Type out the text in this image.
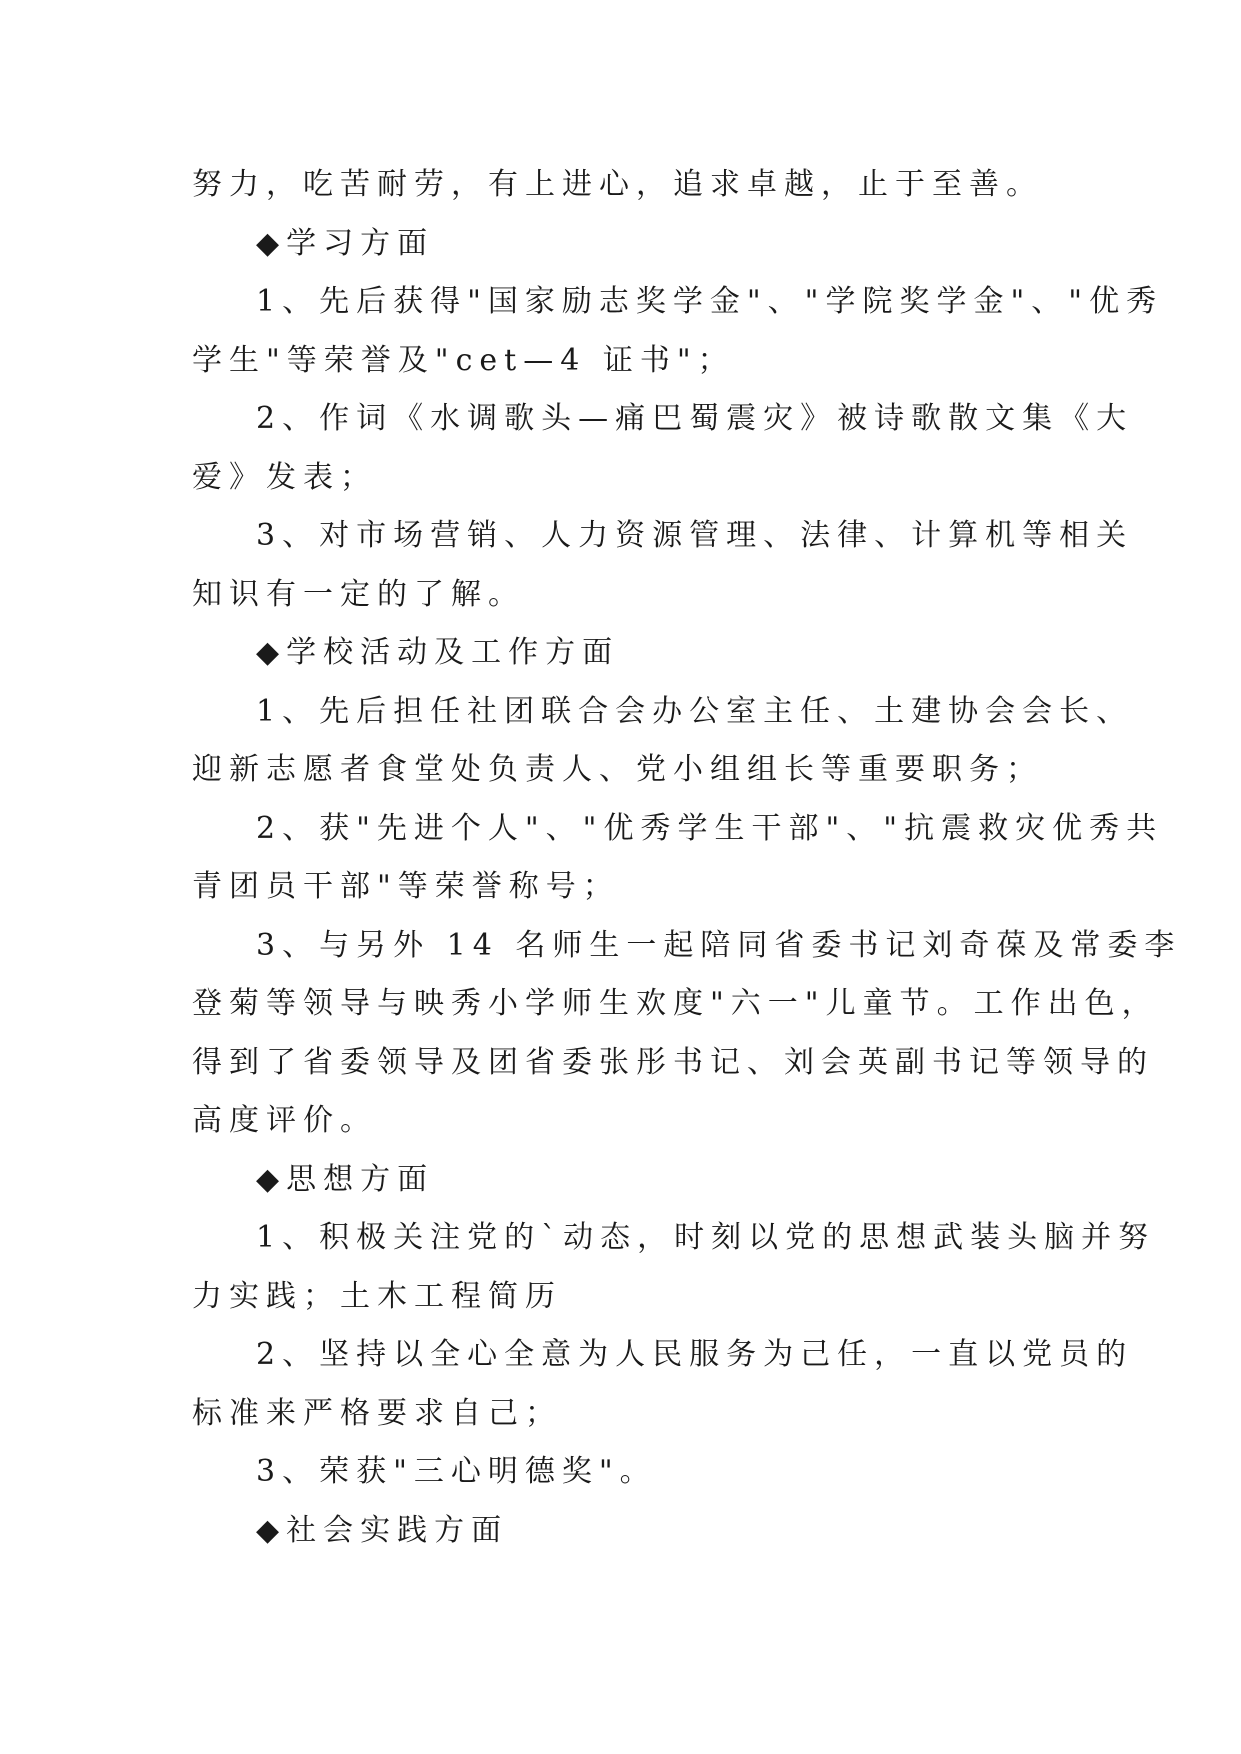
努力，吃苦耐劳，有上进心，追求卓越，止于至善。

◆学习方面

1、先后获得"国家励志奖学金"、"学院奖学金"、"优秀

学生"等荣誉及"cet—4 证书"；

2、作词《水调歌头—痛巴蜀震灾》被诗歌散文集《大

爱》发表；

3、对市场营销、人力资源管理、法律、计算机等相关

知识有一定的了解。

◆学校活动及工作方面

1、先后担任社团联合会办公室主任、土建协会会长、

迎新志愿者食堂处负责人、党小组组长等重要职务；

2、获"先进个人"、"优秀学生干部"、"抗震救灾优秀共

青团员干部"等荣誉称号；

3、与另外 14 名师生一起陪同省委书记刘奇葆及常委李

登菊等领导与映秀小学师生欢度"六一"儿童节。工作出色，

得到了省委领导及团省委张彤书记、刘会英副书记等领导的

高度评价。

◆思想方面

1、积极关注党的`动态，时刻以党的思想武装头脑并努

力实践；土木工程简历

2、坚持以全心全意为人民服务为己任，一直以党员的

标准来严格要求自己；

3、荣获"三心明德奖"。

◆社会实践方面
